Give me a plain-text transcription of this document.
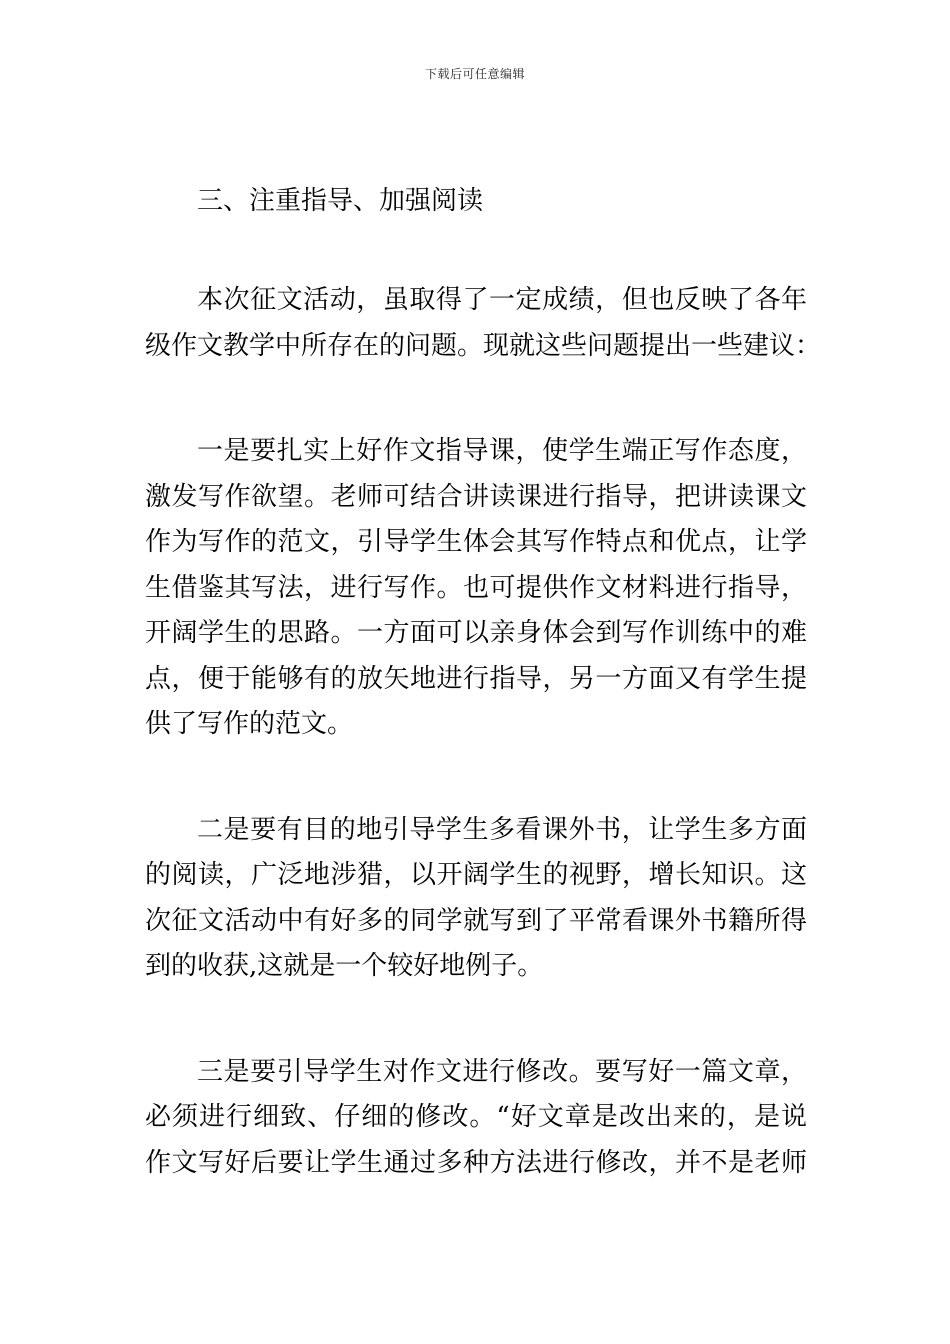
下载后可任意编辑
三、注重指导、加强阅读

本次征文活动，虽取得了一定成绩，但也反映了各年
级作文教学中所存在的问题。现就这些问题提出一些建议：

一是要扎实上好作文指导课，使学生端正写作态度，
激发写作欲望。老师可结合讲读课进行指导，把讲读课文
作为写作的范文，引导学生体会其写作特点和优点，让学
生借鉴其写法，进行写作。也可提供作文材料进行指导，
开阔学生的思路。一方面可以亲身体会到写作训练中的难
点，便于能够有的放矢地进行指导，另一方面又有学生提
供了写作的范文。

二是要有目的地引导学生多看课外书，让学生多方面
的阅读，广泛地涉猎，以开阔学生的视野，增长知识。这
次征文活动中有好多的同学就写到了平常看课外书籍所得
到的收获,这就是一个较好地例子。

三是要引导学生对作文进行修改。要写好一篇文章，
必须进行细致、仔细的修改。“好文章是改出来的，是说
作文写好后要让学生通过多种方法进行修改，并不是老师
